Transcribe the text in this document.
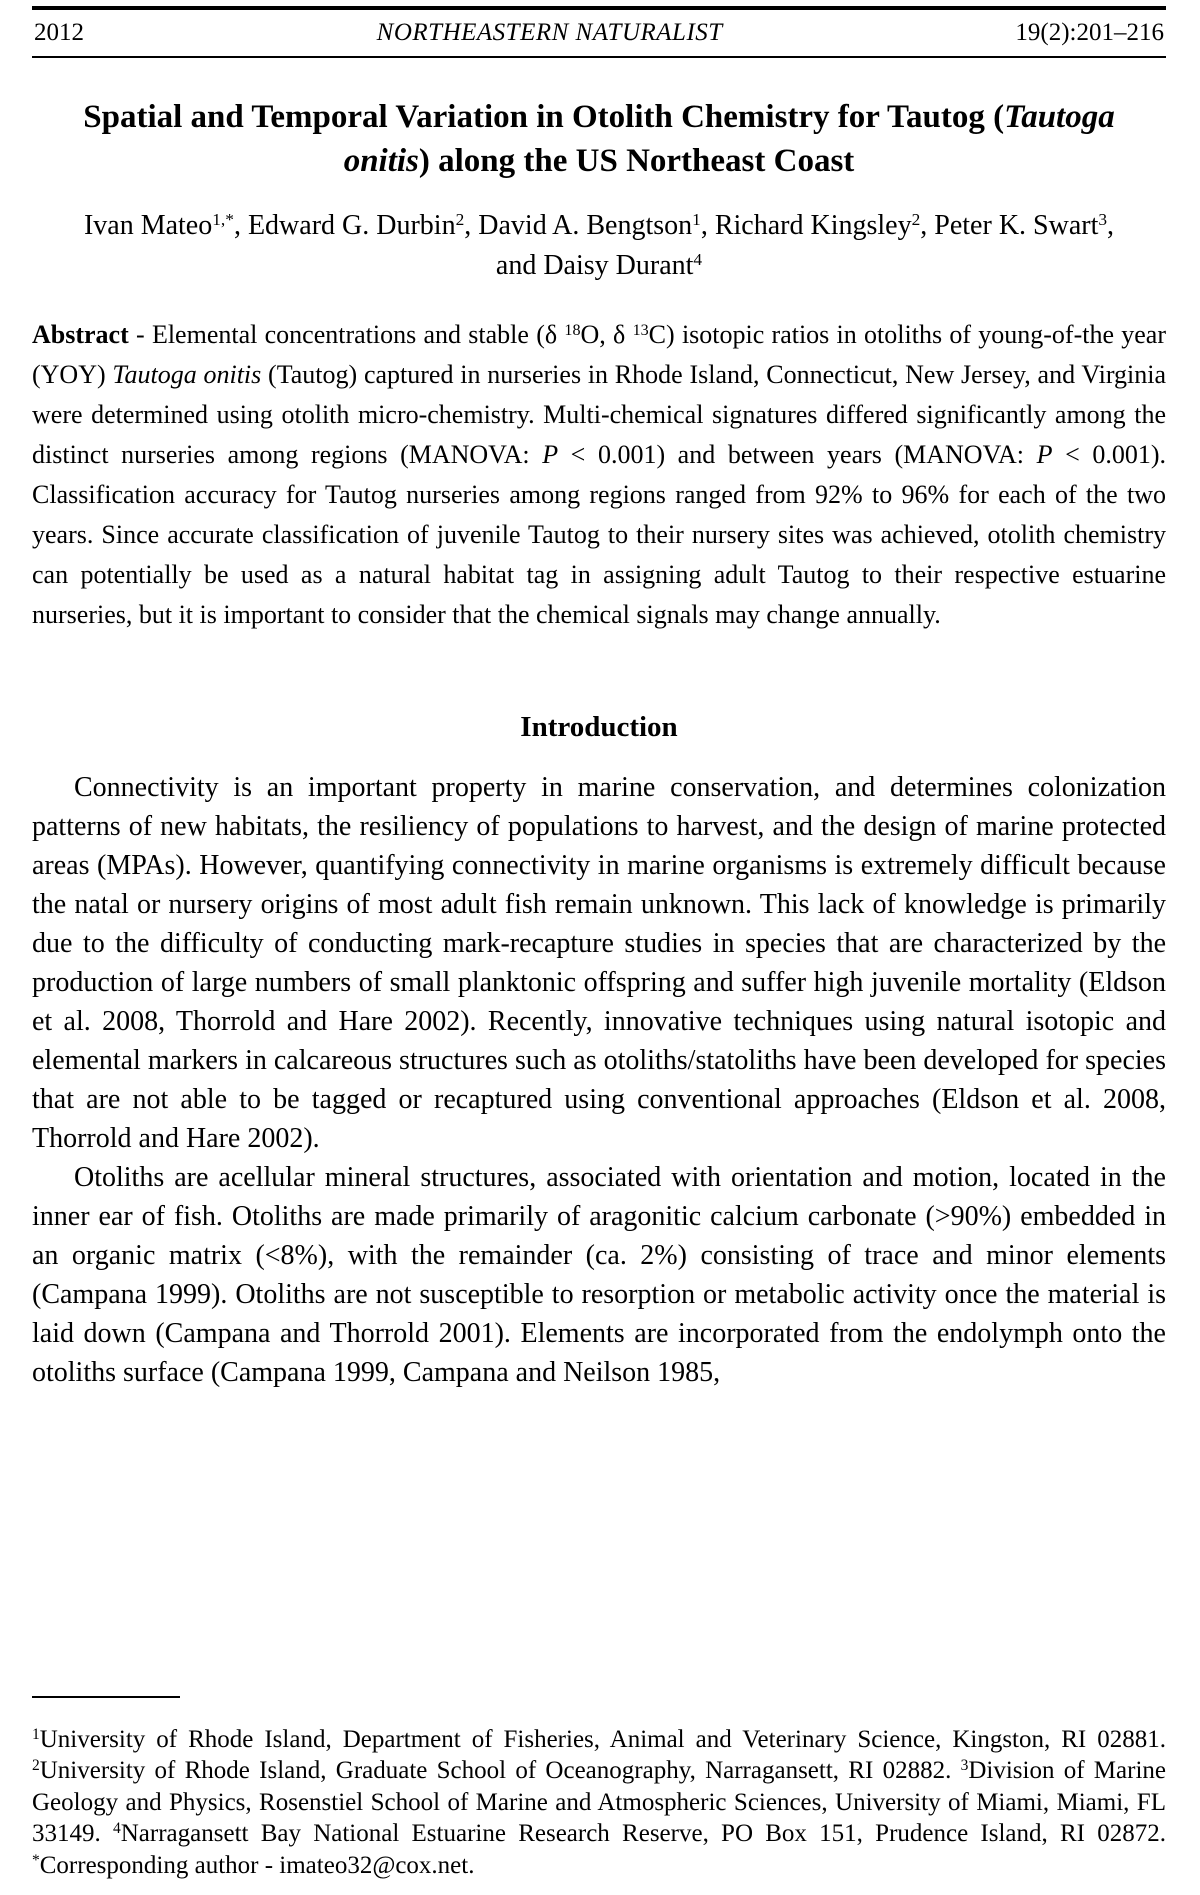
2012	NORTHEASTERN NATURALIST	19(2):201–216
Spatial and Temporal Variation in Otolith Chemistry for Tautog (Tautoga onitis) along the US Northeast Coast
Ivan Mateo$^{1,*}$, Edward G. Durbin$^2$, David A. Bengtson$^1$, Richard Kingsley$^2$, Peter K. Swart$^3$, and Daisy Durant$^4$

Abstract - Elemental concentrations and stable (δ $^{18}$O, δ $^{13}$C) isotopic ratios in otoliths of young-of-the year (YOY) Tautoga onitis (Tautog) captured in nurseries in Rhode Island, Connecticut, New Jersey, and Virginia were determined using otolith micro-chemistry. Multi-chemical signatures differed significantly among the distinct nurseries among regions (MANOVA: P < 0.001) and between years (MANOVA: P < 0.001). Classification accuracy for Tautog nurseries among regions ranged from 92% to 96% for each of the two years. Since accurate classification of juvenile Tautog to their nursery sites was achieved, otolith chemistry can potentially be used as a natural habitat tag in assigning adult Tautog to their respective estuarine nurseries, but it is important to consider that the chemical signals may change annually.

Introduction

Connectivity is an important property in marine conservation, and determines colonization patterns of new habitats, the resiliency of populations to harvest, and the design of marine protected areas (MPAs). However, quantifying connectivity in marine organisms is extremely difficult because the natal or nursery origins of most adult fish remain unknown. This lack of knowledge is primarily due to the difficulty of conducting mark-recapture studies in species that are characterized by the production of large numbers of small planktonic offspring and suffer high juvenile mortality (Eldson et al. 2008, Thorrold and Hare 2002). Recently, innovative techniques using natural isotopic and elemental markers in calcareous structures such as otoliths/statoliths have been developed for species that are not able to be tagged or recaptured using conventional approaches (Eldson et al. 2008, Thorrold and Hare 2002).

Otoliths are acellular mineral structures, associated with orientation and motion, located in the inner ear of fish. Otoliths are made primarily of aragonitic calcium carbonate (>90%) embedded in an organic matrix (<8%), with the remainder (ca. 2%) consisting of trace and minor elements (Campana 1999). Otoliths are not susceptible to resorption or metabolic activity once the material is laid down (Campana and Thorrold 2001). Elements are incorporated from the endolymph onto the otoliths surface (Campana 1999, Campana and Neilson 1985,

$^1$University of Rhode Island, Department of Fisheries, Animal and Veterinary Science, Kingston, RI 02881. $^2$University of Rhode Island, Graduate School of Oceanography, Narragansett, RI 02882. $^3$Division of Marine Geology and Physics, Rosenstiel School of Marine and Atmospheric Sciences, University of Miami, Miami, FL 33149. $^4$Narragansett Bay National Estuarine Research Reserve, PO Box 151, Prudence Island, RI 02872. *Corresponding author - imateo32@cox.net.
